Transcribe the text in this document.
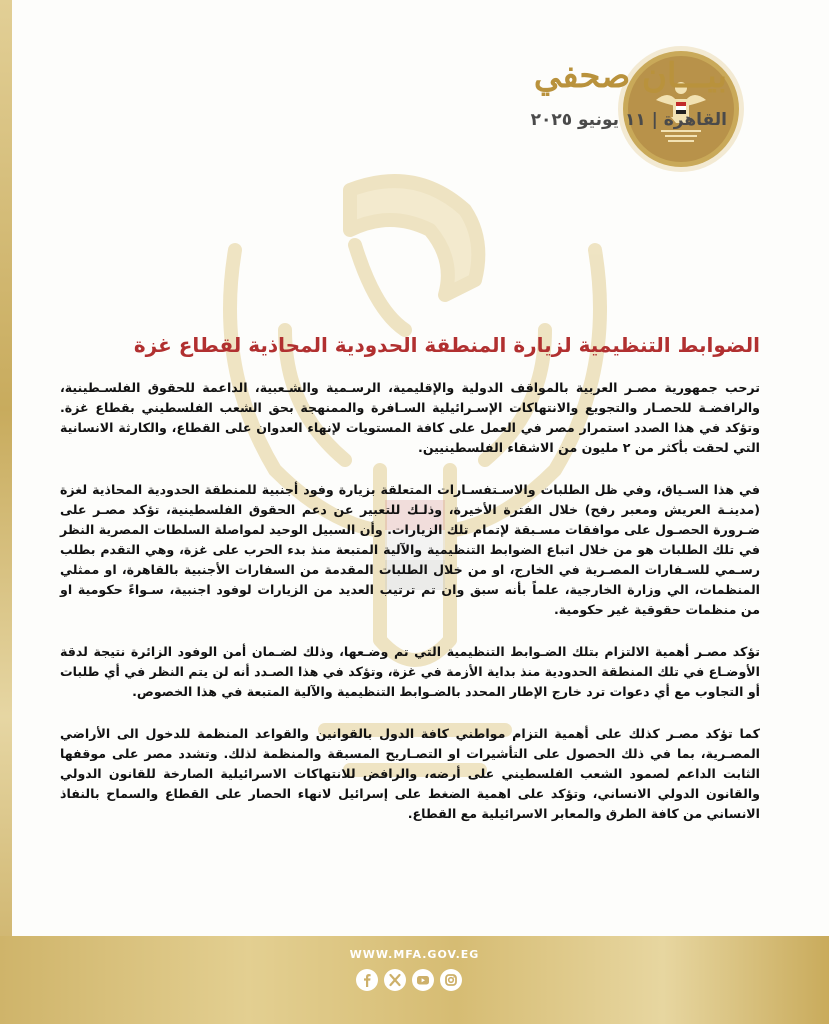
بيـــان صحفي
القاهرة | ١١ يونيو ٢٠٢٥
الضوابط التنظيمية لزيارة المنطقة الحدودية المحاذية لقطاع غزة

ترحب جمهورية مصـر العربية بالمواقف الدولية والإقليمية، الرسـمية والشـعبية، الداعمة للحقوق الفلسـطينية، والرافضـة للحصـار والتجويع والانتهاكات الإسـرائيلية السـافرة والممنهجة بحق الشعب الفلسطيني بقطاع غزة. وتؤكد في هذا الصدد استمرار مصر في العمل على كافة المستويات لإنهاء العدوان على القطاع، والكارثة الانسانية التي لحقت بأكثر من ٢ مليون من الاشقاء الفلسطينيين.

في هذا السـياق، وفي ظل الطلبات والاسـتفسـارات المتعلقة بزيارة وفود أجنبية للمنطقة الحدودية المحاذية لغزة (مدينـة العريش ومعبر رفح) خلال الفترة الأخيرة، وذلـك للتعبير عن دعم الحقوق الفلسطينية، تؤكد مصـر على ضـرورة الحصـول على موافقات مسـبقة لإتمام تلك الزيارات. وأن السبيل الوحيد لمواصلة السلطات المصرية النظر في تلك الطلبات هو من خلال اتباع الضوابط التنظيمية والآلية المتبعة منذ بدء الحرب على غزة، وهي التقدم بطلب رسـمي للسـفارات المصـرية في الخارج، او من خلال الطلبات المقدمة من السفارات الأجنبية بالقاهرة، او ممثلي المنظمات، الي وزارة الخارجية، علماً بأنه سبق وان تم ترتيب العديد من الزيارات لوفود اجنبية، سـواءً حكومية او من منظمات حقوقية غير حكومية.

تؤكد مصـر أهمية الالتزام بتلك الضـوابط التنظيمية التي تم وضـعها، وذلك لضـمان أمن الوفود الزائرة نتيجة لدقة الأوضـاع في تلك المنطقة الحدودية منذ بداية الأزمة في غزة، وتؤكد في هذا الصـدد أنه لن يتم النظر في أي طلبات أو التجاوب مع أي دعوات ترد خارج الإطار المحدد بالضـوابط التنظيمية والآلية المتبعة في هذا الخصوص.

كما تؤكد مصـر كذلك على أهمية التزام مواطني كافة الدول بالقوانين والقواعد المنظمة للدخول الى الأراضي المصـرية، بما في ذلك الحصول على التأشيرات او التصـاريح المسبقة والمنظمة لذلك. وتشدد مصر على موقفها الثابت الداعم لصمود الشعب الفلسطيني على أرضه، والرافض للانتهاكات الاسرائيلية الصارخة للقانون الدولي والقانون الدولي الانساني، وتؤكد على اهمية الضغط على إسرائيل لانهاء الحصار على القطاع والسماح بالنفاذ الانساني من كافة الطرق والمعابر الاسرائيلية مع القطاع.

WWW.MFA.GOV.EG
